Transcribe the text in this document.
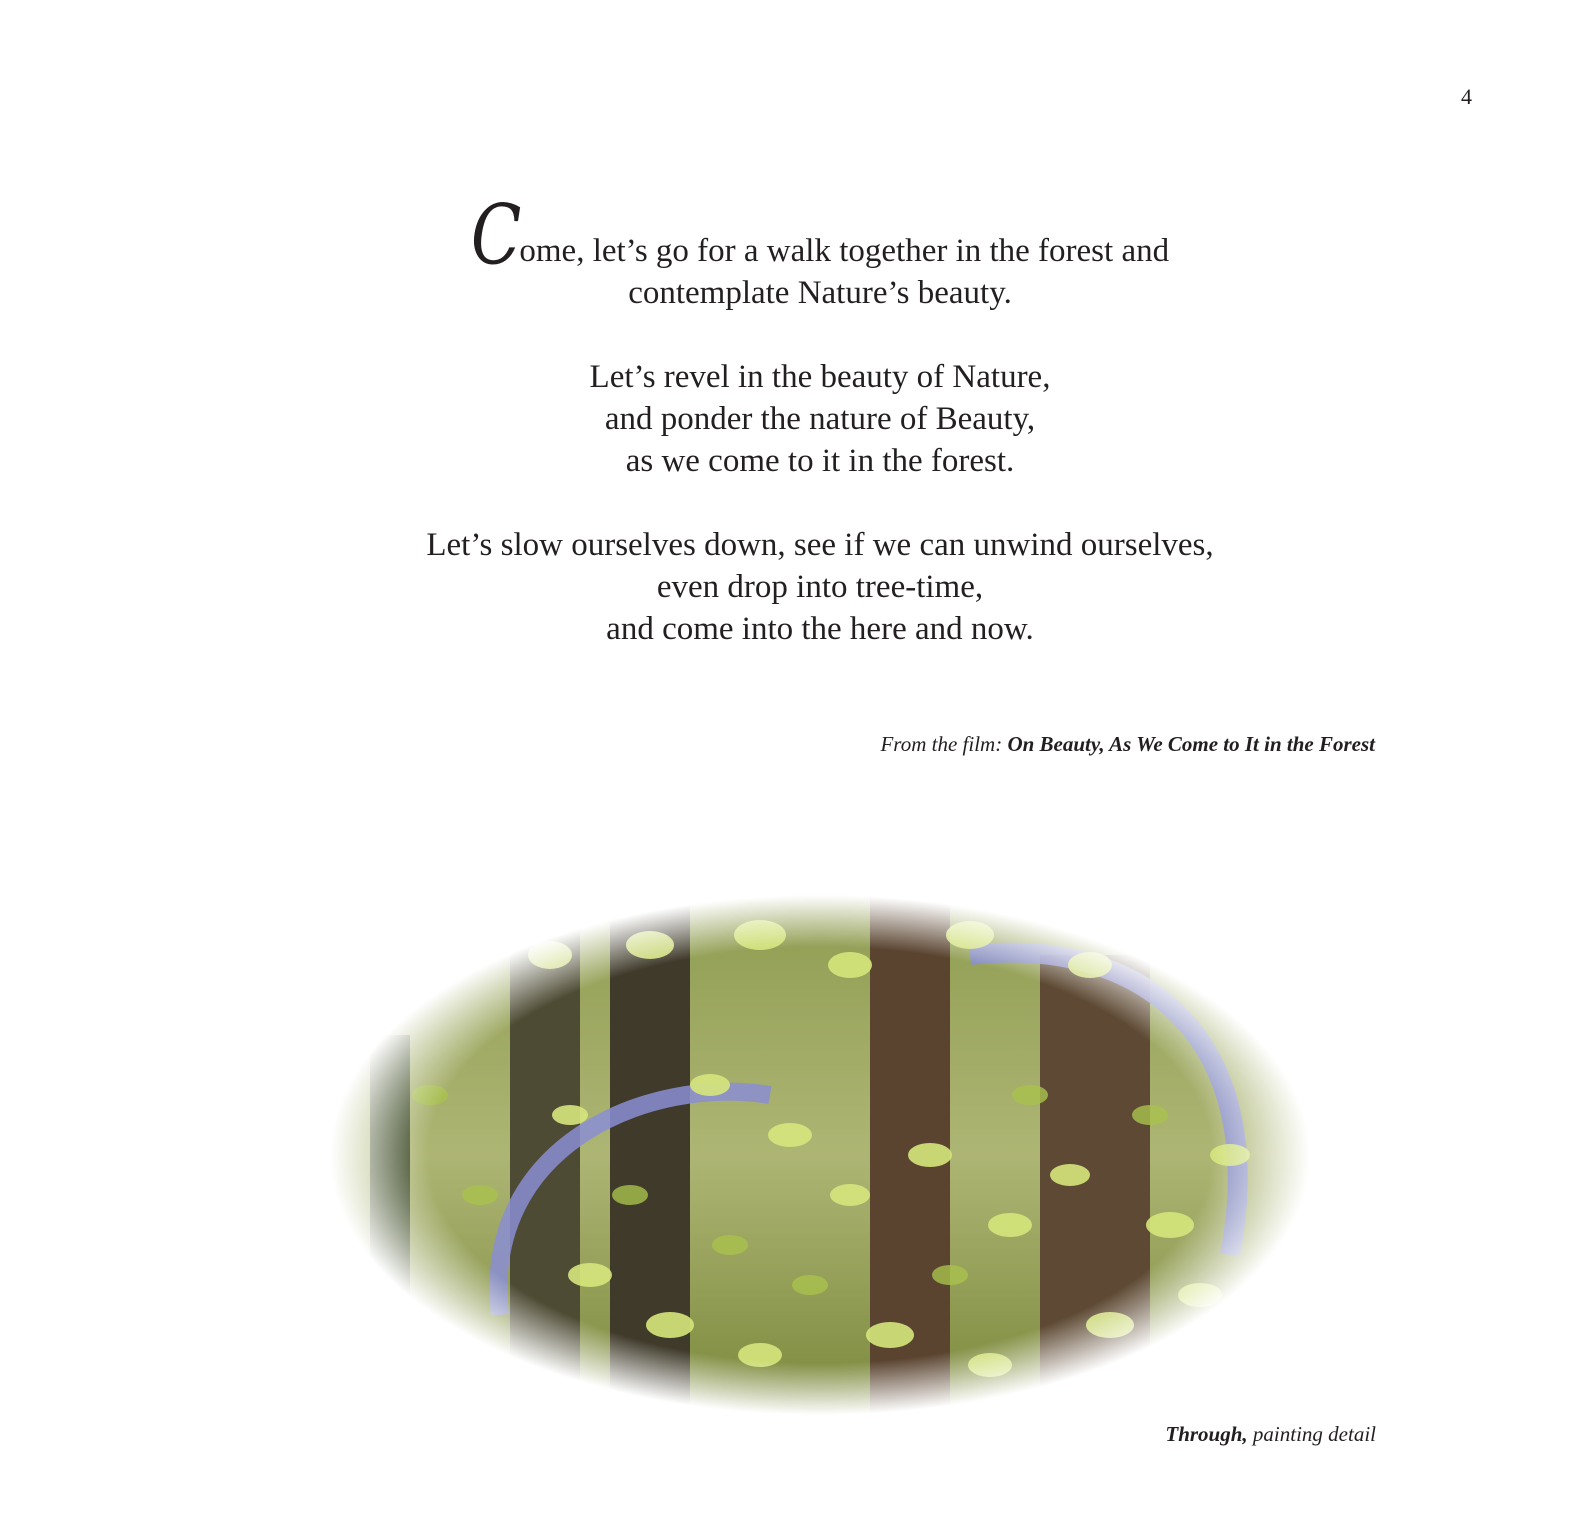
4
Come, let’s go for a walk together in the forest and
contemplate Nature’s beauty.
Let’s revel in the beauty of Nature,
and ponder the nature of Beauty,
as we come to it in the forest.
Let’s slow ourselves down, see if we can unwind ourselves,
even drop into tree-time,
and come into the here and now.
From the film: On Beauty, As We Come to It in the Forest
Through, painting detail
